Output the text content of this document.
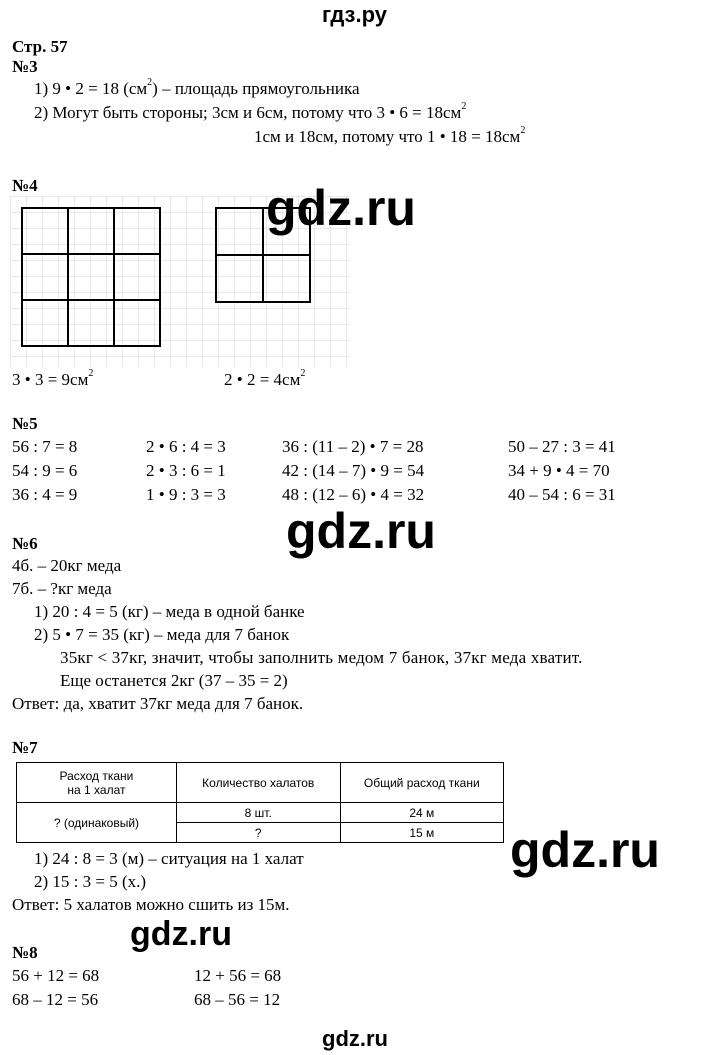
гдз.ру
Стр. 57
№3
1) 9 • 2 = 18 $(см^2)$ – площадь прямоугольника
2) Могут быть стороны; 3см и 6см, потому что 3 • $6 = 18см^2$
1см и 18см, потому что 1 • $18 = 18см^2$
№4
3 • $3 = 9см^2$	2 • $2 = 4см^2$
gdz.ru
№5
56 : 7 = 8	2 • 6 : 4 = 3	36 : (11 – 2) • 7 = 28	50 – 27 : 3 = 41
54 : 9 = 6	2 • 3 : 6 = 1	42 : (14 – 7) • 9 = 54	34 + 9 • 4 = 70
36 : 4 = 9	1 • 9 : 3 = 3	48 : (12 – 6) • 4 = 32	40 – 54 : 6 = 31
gdz.ru
№6
4б. – 20кг меда
7б. – ?кг меда
1) 20 : 4 = 5 (кг) – меда в одной банке
2) 5 • 7 = 35 (кг) – меда для 7 банок
35кг < 37кг, значит, чтобы заполнить медом 7 банок, 37кг меда хватит.
Еще останется 2кг (37 – 35 = 2)
Ответ: да, хватит 37кг меда для 7 банок.
№7
Расход ткани
на 1 халат	Количество халатов	Общий расход ткани
? (одинаковый)	8 шт.	24 м
	?	15 м gdz.ru
1) 24 : 8 = 3 (м) – ситуация на 1 халат
2) 15 : 3 = 5 (х.)
Ответ: 5 халатов можно сшить из 15м.
gdz.ru
№8
56 + 12 = 68	12 + 56 = 68
68 – 12 = 56	68 – 56 = 12
gdz.ru
